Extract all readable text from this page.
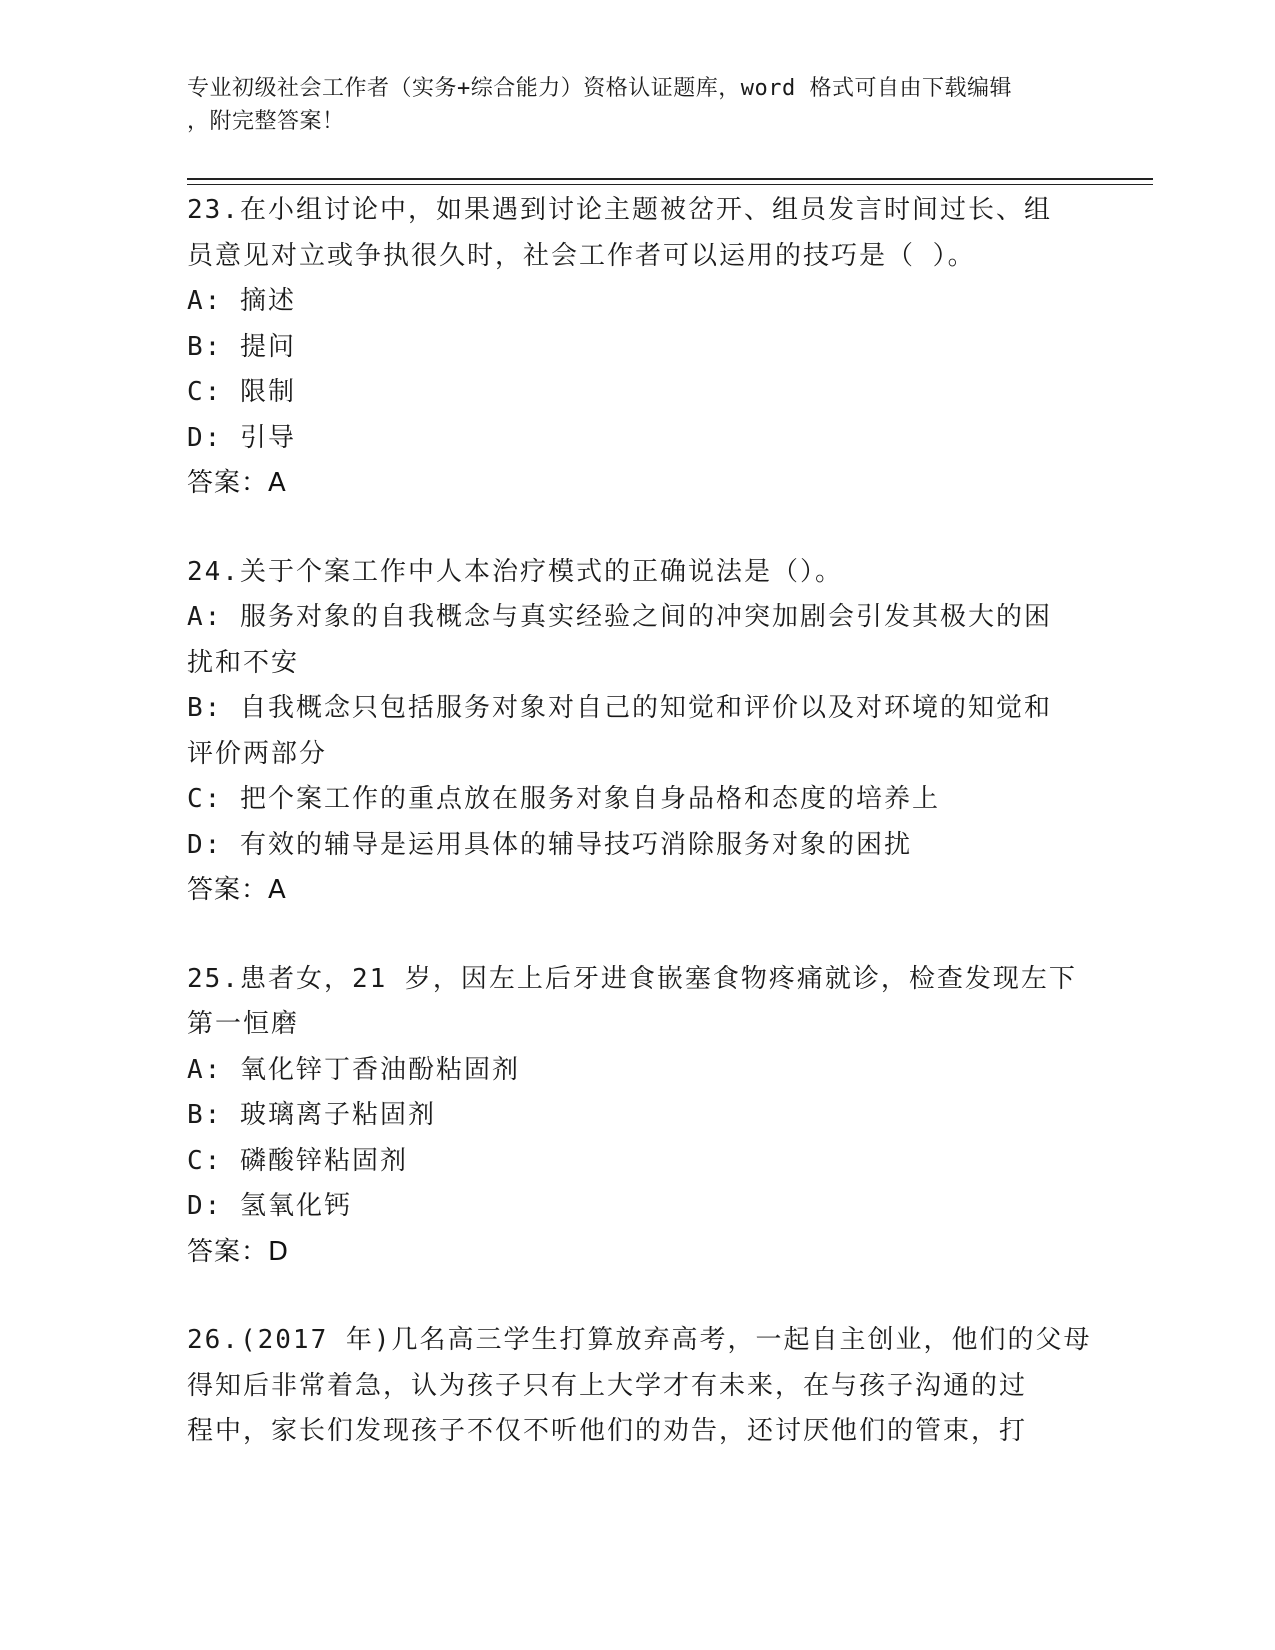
专业初级社会工作者（实务+综合能力）资格认证题库，word 格式可自由下载编辑
，附完整答案！
23.在小组讨论中，如果遇到讨论主题被岔开、组员发言时间过长、组
员意见对立或争执很久时，社会工作者可以运用的技巧是（ ）。
A: 摘述
B: 提问
C: 限制
D: 引导
答案：A
24.关于个案工作中人本治疗模式的正确说法是（）。
A: 服务对象的自我概念与真实经验之间的冲突加剧会引发其极大的困
扰和不安
B: 自我概念只包括服务对象对自己的知觉和评价以及对环境的知觉和
评价两部分
C: 把个案工作的重点放在服务对象自身品格和态度的培养上
D: 有效的辅导是运用具体的辅导技巧消除服务对象的困扰
答案：A
25.患者女，21 岁，因左上后牙进食嵌塞食物疼痛就诊，检查发现左下
第一恒磨
A: 氧化锌丁香油酚粘固剂
B: 玻璃离子粘固剂
C: 磷酸锌粘固剂
D: 氢氧化钙
答案：D
26.(2017 年)几名高三学生打算放弃高考，一起自主创业，他们的父母
得知后非常着急，认为孩子只有上大学才有未来，在与孩子沟通的过
程中，家长们发现孩子不仅不听他们的劝告，还讨厌他们的管束，打
